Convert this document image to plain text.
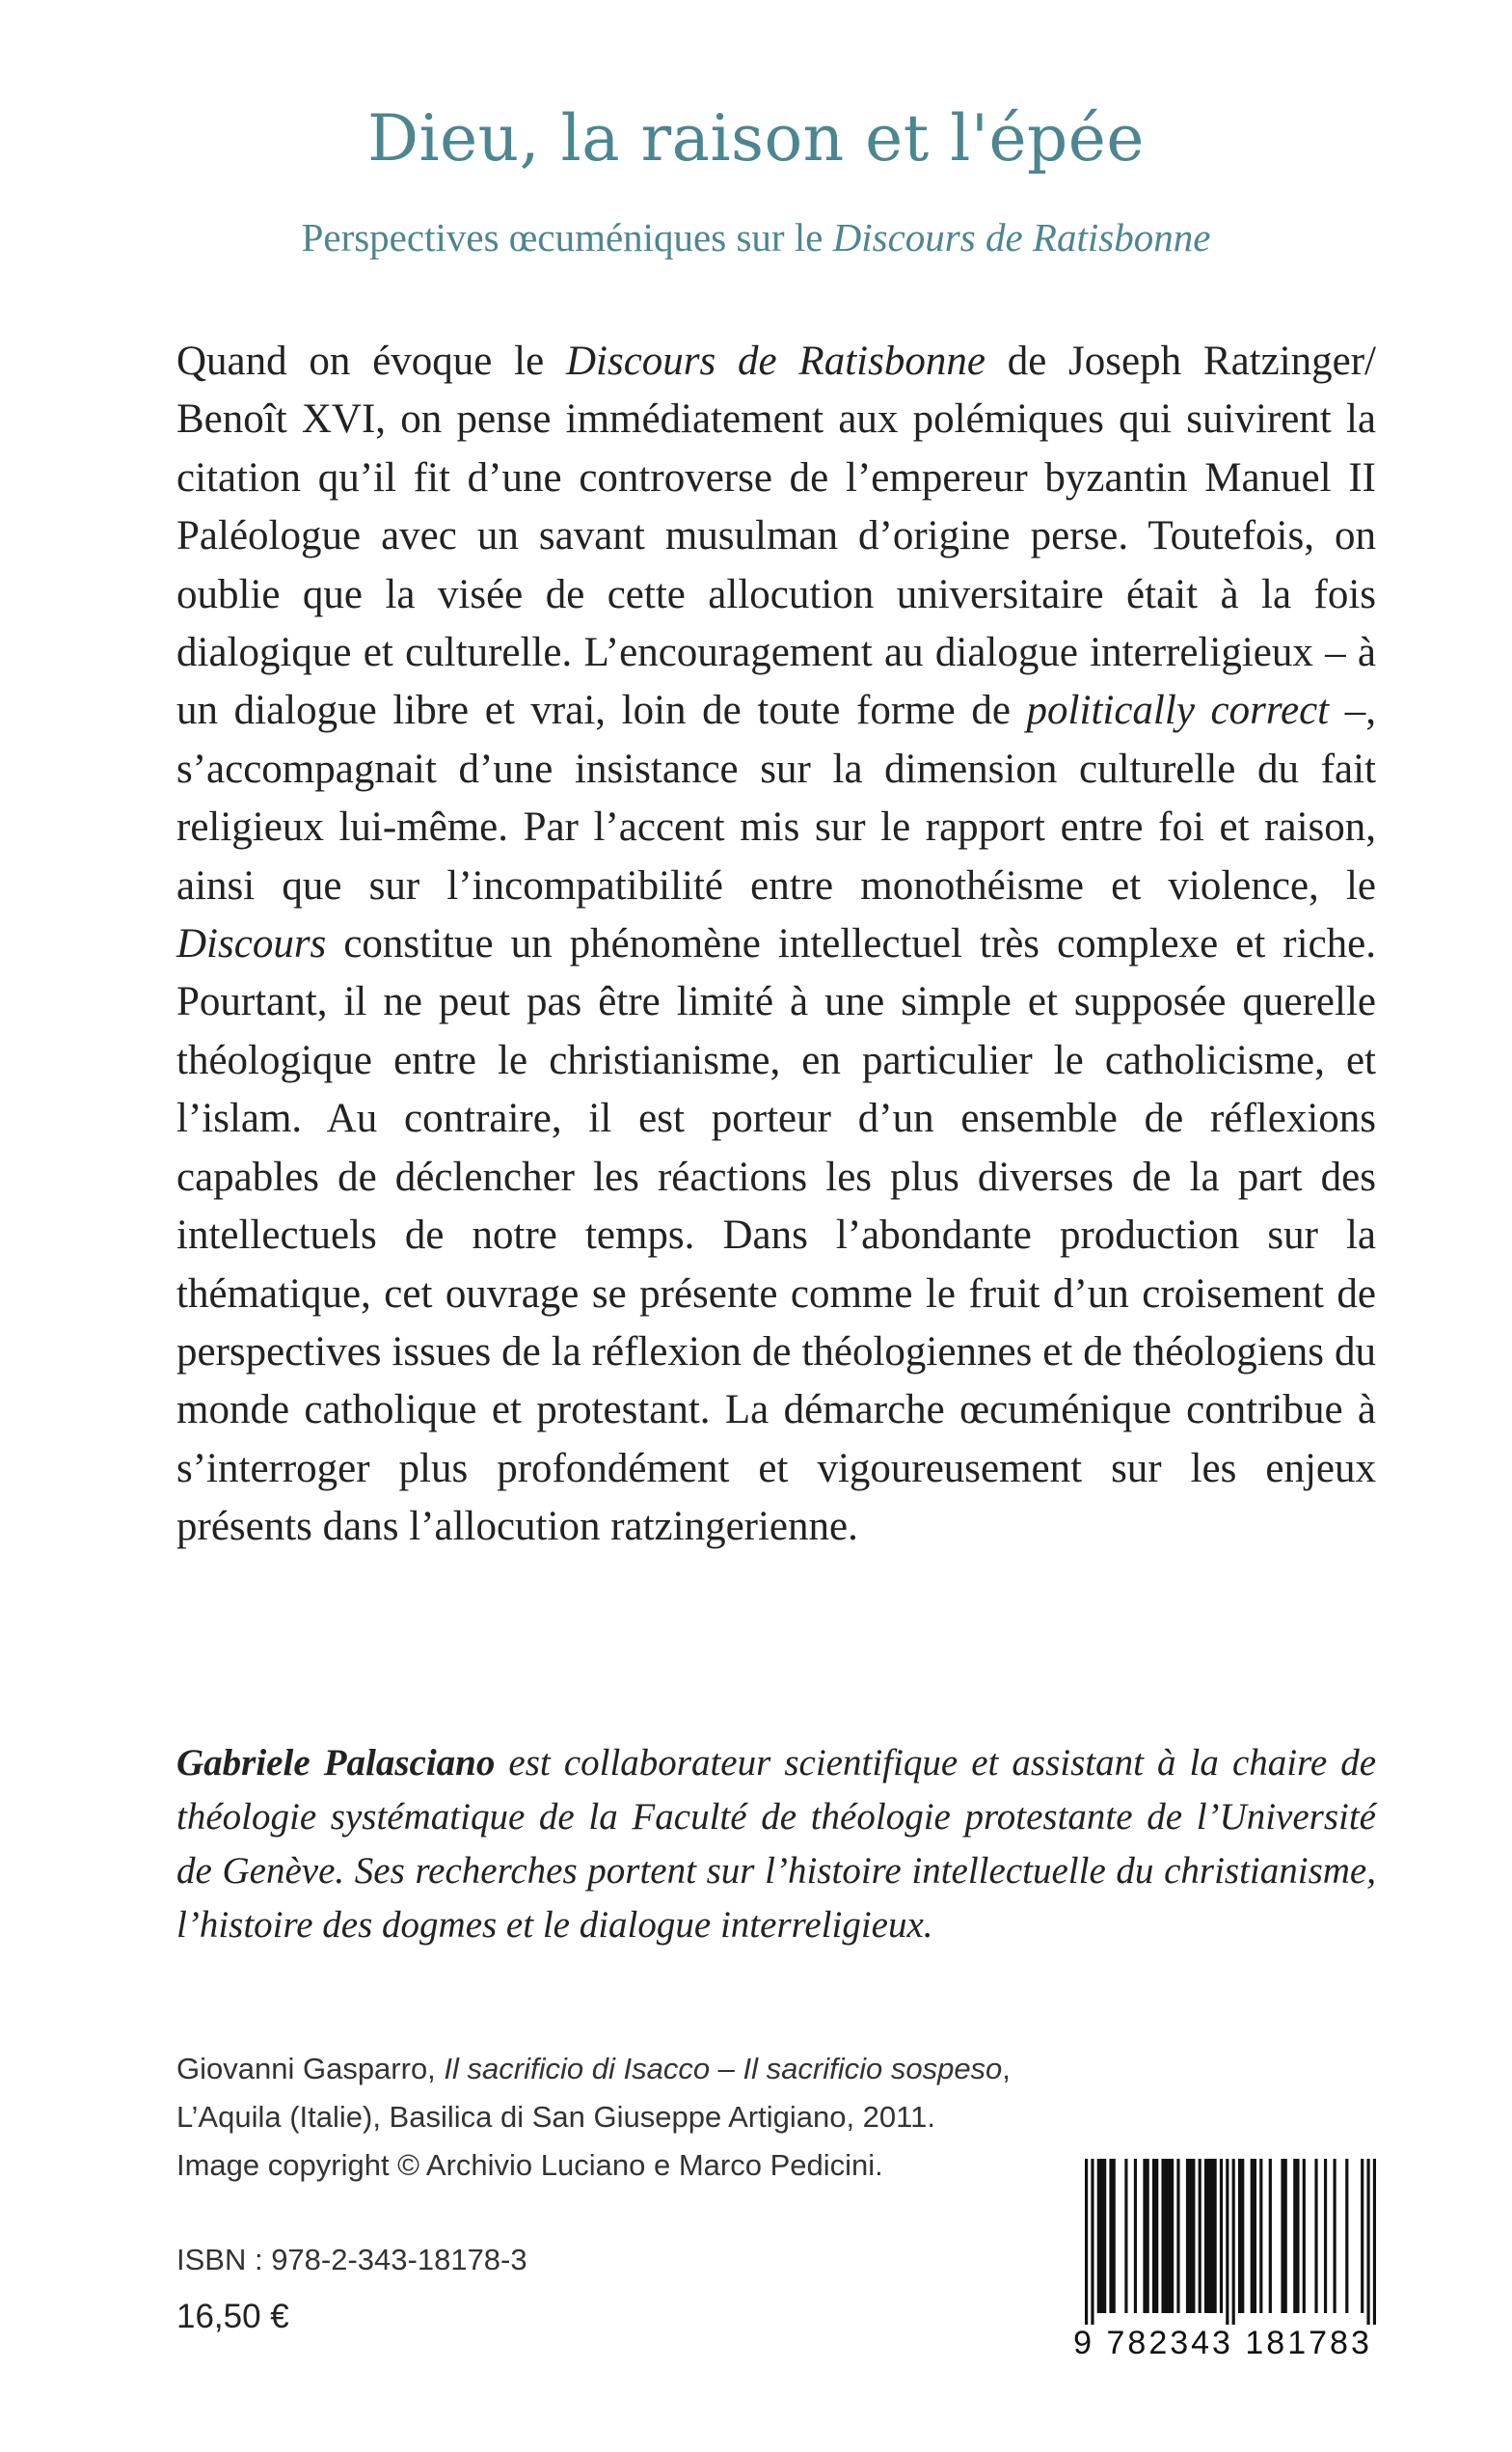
Dieu, la raison et l'épée

Perspectives œcuméniques sur le Discours de Ratisbonne

Quand on évoque le Discours de Ratisbonne de Joseph Ratzinger/ Benoît XVI, on pense immédiatement aux polémiques qui suivirent la citation qu’il fit d’une controverse de l’empereur byzantin Manuel II Paléologue avec un savant musulman d’origine perse. Toutefois, on oublie que la visée de cette allocution universitaire était à la fois dialogique et culturelle. L’encouragement au dialogue interreligieux – à un dialogue libre et vrai, loin de toute forme de politically correct –, s’accompagnait d’une insistance sur la dimension culturelle du fait religieux lui-même. Par l’accent mis sur le rapport entre foi et raison, ainsi que sur l’incompatibilité entre monothéisme et violence, le Discours constitue un phénomène intellectuel très complexe et riche. Pourtant, il ne peut pas être limité à une simple et supposée querelle théologique entre le christianisme, en particulier le catholicisme, et l’islam. Au contraire, il est porteur d’un ensemble de réflexions capables de déclencher les réactions les plus diverses de la part des intellectuels de notre temps. Dans l’abondante production sur la thématique, cet ouvrage se présente comme le fruit d’un croisement de perspectives issues de la réflexion de théologiennes et de théologiens du monde catholique et protestant. La démarche œcuménique contribue à s’interroger plus profondément et vigoureusement sur les enjeux présents dans l’allocution ratzingerienne.

Gabriele Palasciano est collaborateur scientifique et assistant à la chaire de théologie systématique de la Faculté de théologie protestante de l’Université de Genève. Ses recherches portent sur l’histoire intellectuelle du christianisme, l’histoire des dogmes et le dialogue interreligieux.

Giovanni Gasparro, Il sacrificio di Isacco – Il sacrificio sospeso,
L’Aquila (Italie), Basilica di San Giuseppe Artigiano, 2011.
Image copyright © Archivio Luciano e Marco Pedicini.

ISBN : 978-2-343-18178-3
16,50 €
9 782343 181783
